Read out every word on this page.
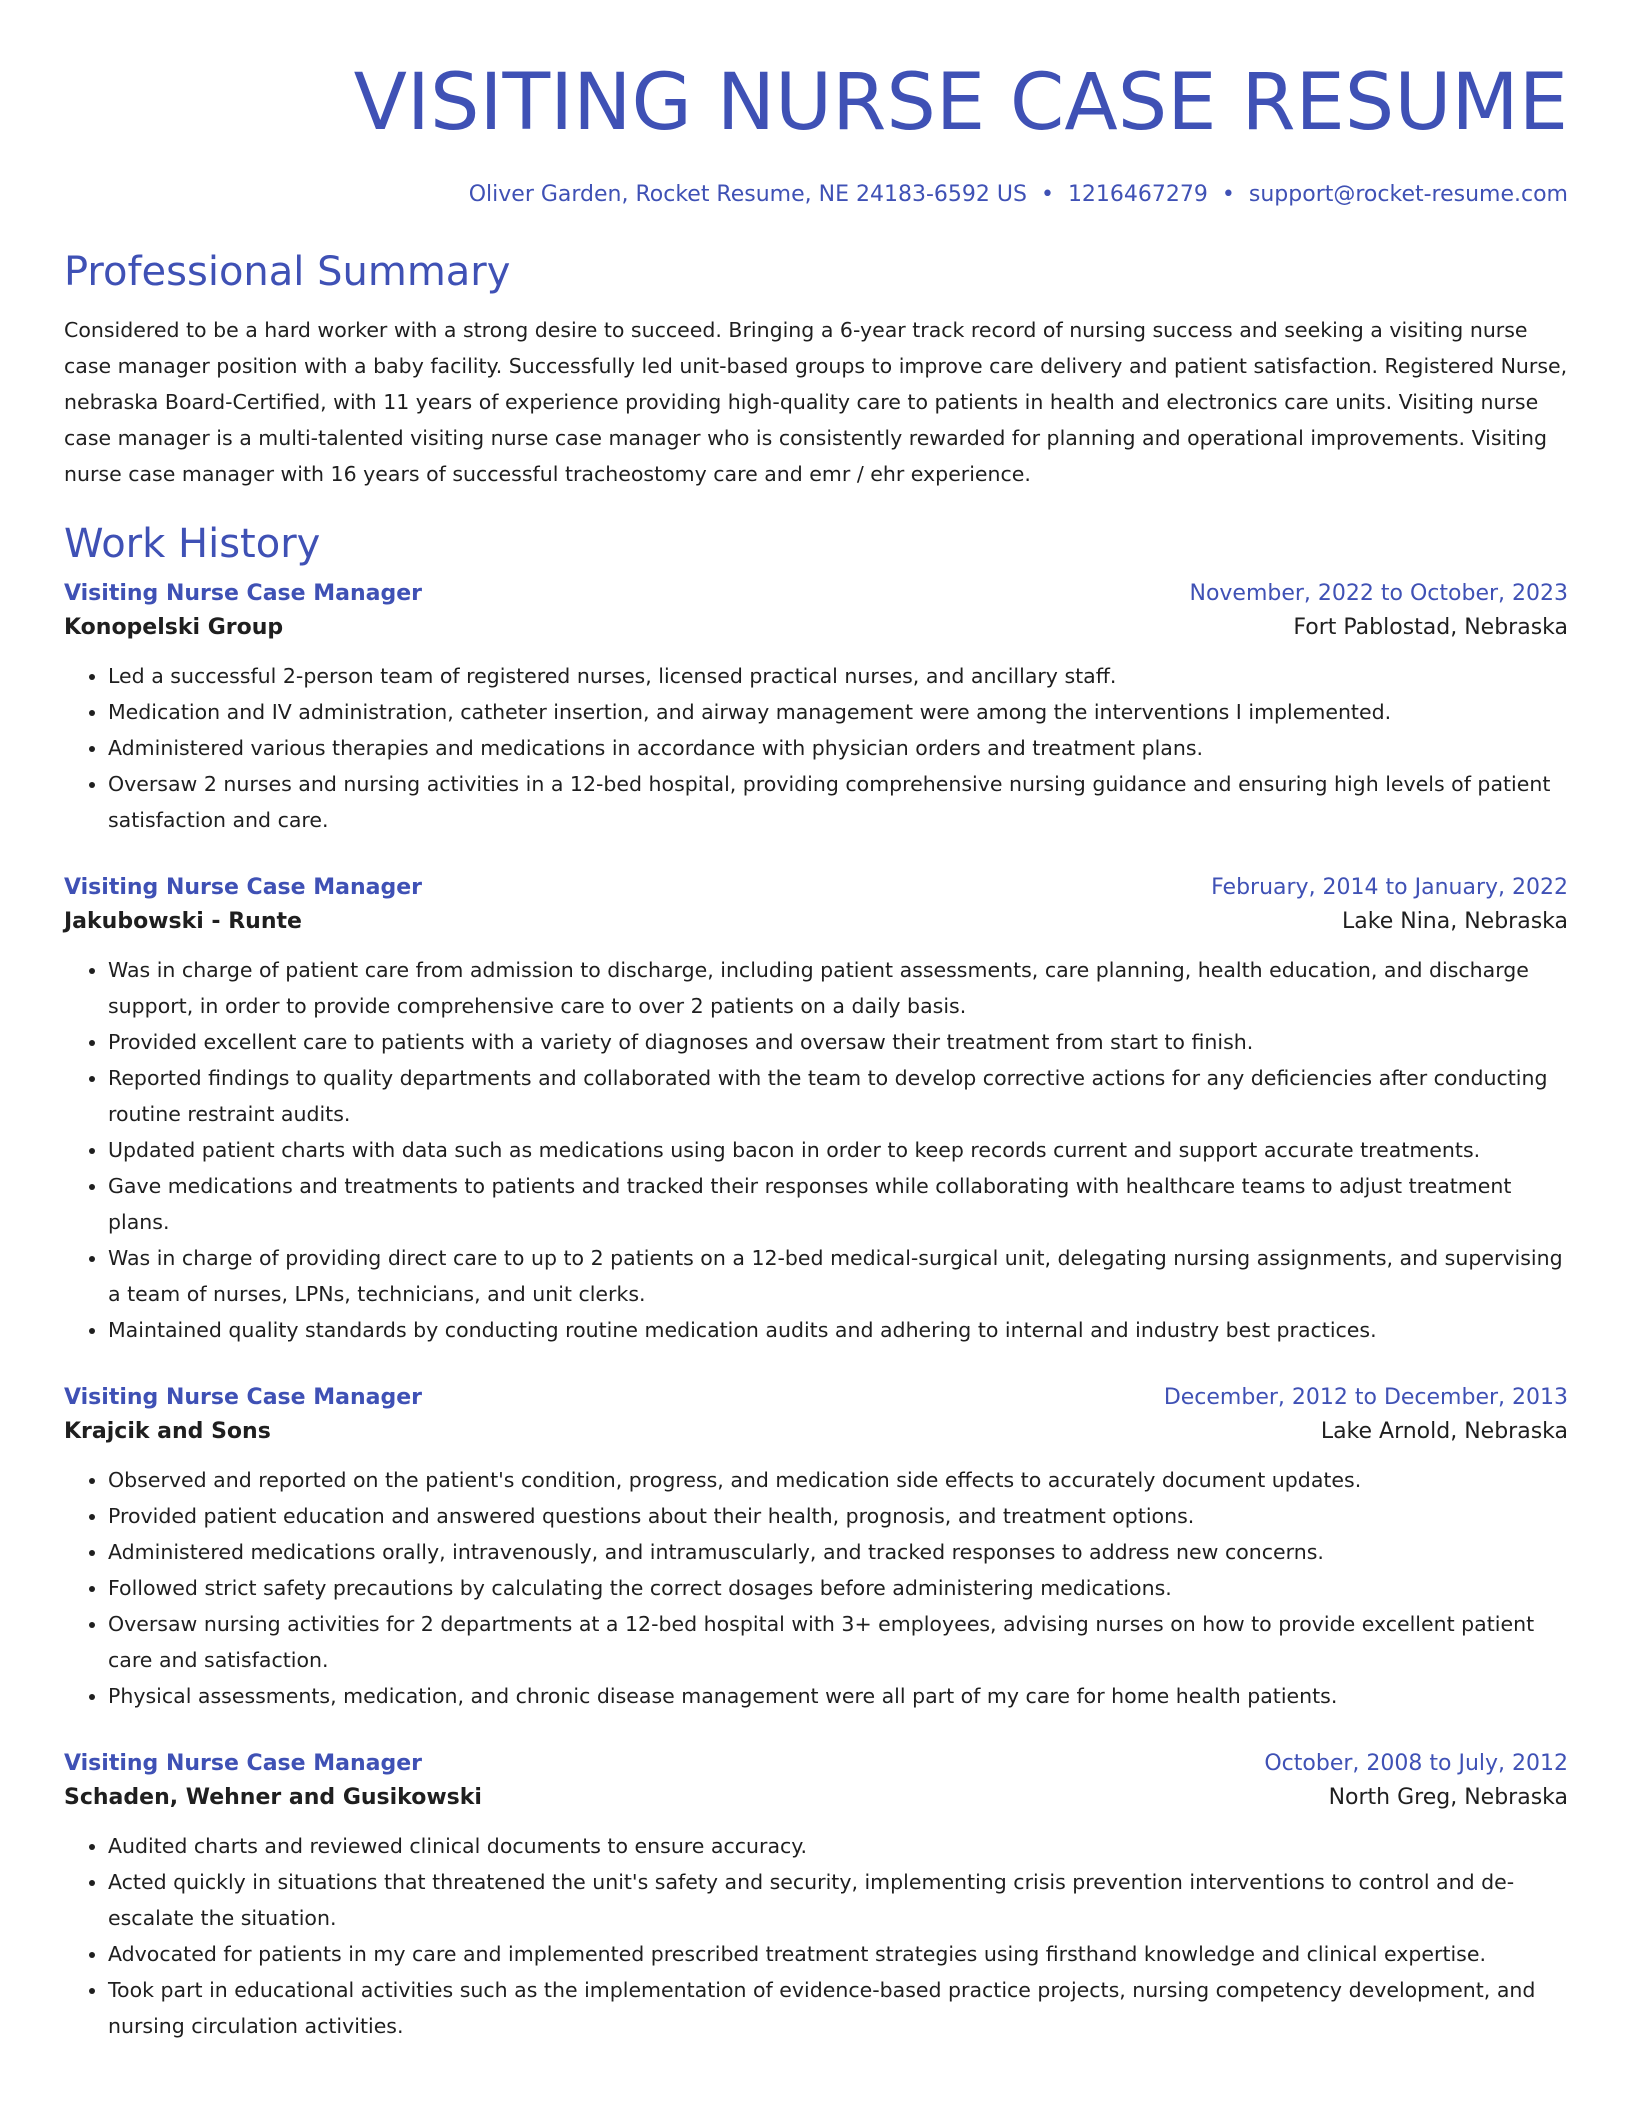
VISITING NURSE CASE RESUME
Oliver Garden, Rocket Resume, NE 24183-6592 US • 1216467279 • support@rocket-resume.com
Professional Summary

Considered to be a hard worker with a strong desire to succeed. Bringing a 6-year track record of nursing success and seeking a visiting nurse case manager position with a baby facility. Successfully led unit-based groups to improve care delivery and patient satisfaction. Registered Nurse, nebraska Board-Certified, with 11 years of experience providing high-quality care to patients in health and electronics care units. Visiting nurse case manager is a multi-talented visiting nurse case manager who is consistently rewarded for planning and operational improvements. Visiting nurse case manager with 16 years of successful tracheostomy care and emr / ehr experience.

Work History
Visiting Nurse Case Manager	November, 2022 to October, 2023
Konopelski Group	Fort Pablostad, Nebraska
• Led a successful 2-person team of registered nurses, licensed practical nurses, and ancillary staff.
• Medication and IV administration, catheter insertion, and airway management were among the interventions I implemented.
• Administered various therapies and medications in accordance with physician orders and treatment plans.
• Oversaw 2 nurses and nursing activities in a 12-bed hospital, providing comprehensive nursing guidance and ensuring high levels of patient satisfaction and care.
Visiting Nurse Case Manager	February, 2014 to January, 2022
Jakubowski - Runte	Lake Nina, Nebraska
• Was in charge of patient care from admission to discharge, including patient assessments, care planning, health education, and discharge support, in order to provide comprehensive care to over 2 patients on a daily basis.
• Provided excellent care to patients with a variety of diagnoses and oversaw their treatment from start to finish.
• Reported findings to quality departments and collaborated with the team to develop corrective actions for any deficiencies after conducting routine restraint audits.
• Updated patient charts with data such as medications using bacon in order to keep records current and support accurate treatments.
• Gave medications and treatments to patients and tracked their responses while collaborating with healthcare teams to adjust treatment plans.
• Was in charge of providing direct care to up to 2 patients on a 12-bed medical-surgical unit, delegating nursing assignments, and supervising a team of nurses, LPNs, technicians, and unit clerks.
• Maintained quality standards by conducting routine medication audits and adhering to internal and industry best practices.
Visiting Nurse Case Manager	December, 2012 to December, 2013
Krajcik and Sons	Lake Arnold, Nebraska
• Observed and reported on the patient's condition, progress, and medication side effects to accurately document updates.
• Provided patient education and answered questions about their health, prognosis, and treatment options.
• Administered medications orally, intravenously, and intramuscularly, and tracked responses to address new concerns.
• Followed strict safety precautions by calculating the correct dosages before administering medications.
• Oversaw nursing activities for 2 departments at a 12-bed hospital with 3+ employees, advising nurses on how to provide excellent patient care and satisfaction.
• Physical assessments, medication, and chronic disease management were all part of my care for home health patients.
Visiting Nurse Case Manager	October, 2008 to July, 2012
Schaden, Wehner and Gusikowski	North Greg, Nebraska
• Audited charts and reviewed clinical documents to ensure accuracy.
• Acted quickly in situations that threatened the unit's safety and security, implementing crisis prevention interventions to control and de-escalate the situation.
• Advocated for patients in my care and implemented prescribed treatment strategies using firsthand knowledge and clinical expertise.
• Took part in educational activities such as the implementation of evidence-based practice projects, nursing competency development, and nursing circulation activities.
